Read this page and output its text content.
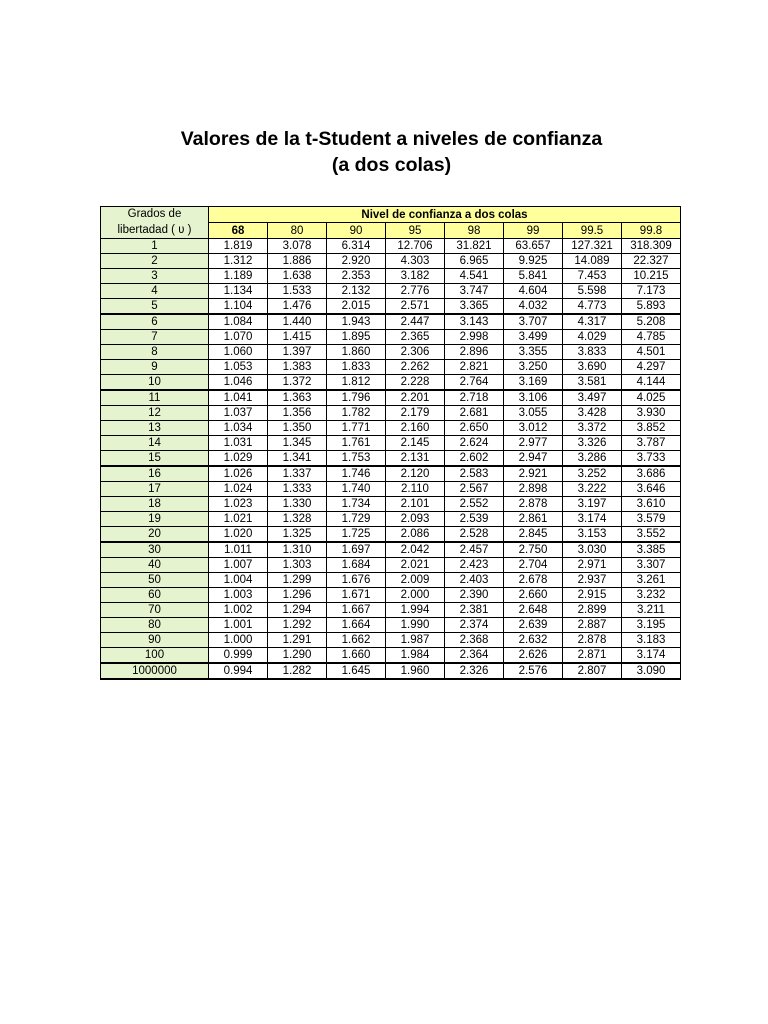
Valores de la t-Student a niveles de confianza
(a dos colas)
Grados de
libertadad ( ʋ )	Nivel de confianza a dos colas							
	68	80	90	95	98	99	99.5	99.8
1	1.819	3.078	6.314	12.706	31.821	63.657	127.321	318.309
2	1.312	1.886	2.920	4.303	6.965	9.925	14.089	22.327
3	1.189	1.638	2.353	3.182	4.541	5.841	7.453	10.215
4	1.134	1.533	2.132	2.776	3.747	4.604	5.598	7.173
5	1.104	1.476	2.015	2.571	3.365	4.032	4.773	5.893
6	1.084	1.440	1.943	2.447	3.143	3.707	4.317	5.208
7	1.070	1.415	1.895	2.365	2.998	3.499	4.029	4.785
8	1.060	1.397	1.860	2.306	2.896	3.355	3.833	4.501
9	1.053	1.383	1.833	2.262	2.821	3.250	3.690	4.297
10	1.046	1.372	1.812	2.228	2.764	3.169	3.581	4.144
11	1.041	1.363	1.796	2.201	2.718	3.106	3.497	4.025
12	1.037	1.356	1.782	2.179	2.681	3.055	3.428	3.930
13	1.034	1.350	1.771	2.160	2.650	3.012	3.372	3.852
14	1.031	1.345	1.761	2.145	2.624	2.977	3.326	3.787
15	1.029	1.341	1.753	2.131	2.602	2.947	3.286	3.733
16	1.026	1.337	1.746	2.120	2.583	2.921	3.252	3.686
17	1.024	1.333	1.740	2.110	2.567	2.898	3.222	3.646
18	1.023	1.330	1.734	2.101	2.552	2.878	3.197	3.610
19	1.021	1.328	1.729	2.093	2.539	2.861	3.174	3.579
20	1.020	1.325	1.725	2.086	2.528	2.845	3.153	3.552
30	1.011	1.310	1.697	2.042	2.457	2.750	3.030	3.385
40	1.007	1.303	1.684	2.021	2.423	2.704	2.971	3.307
50	1.004	1.299	1.676	2.009	2.403	2.678	2.937	3.261
60	1.003	1.296	1.671	2.000	2.390	2.660	2.915	3.232
70	1.002	1.294	1.667	1.994	2.381	2.648	2.899	3.211
80	1.001	1.292	1.664	1.990	2.374	2.639	2.887	3.195
90	1.000	1.291	1.662	1.987	2.368	2.632	2.878	3.183
100	0.999	1.290	1.660	1.984	2.364	2.626	2.871	3.174
1000000	0.994	1.282	1.645	1.960	2.326	2.576	2.807	3.090
